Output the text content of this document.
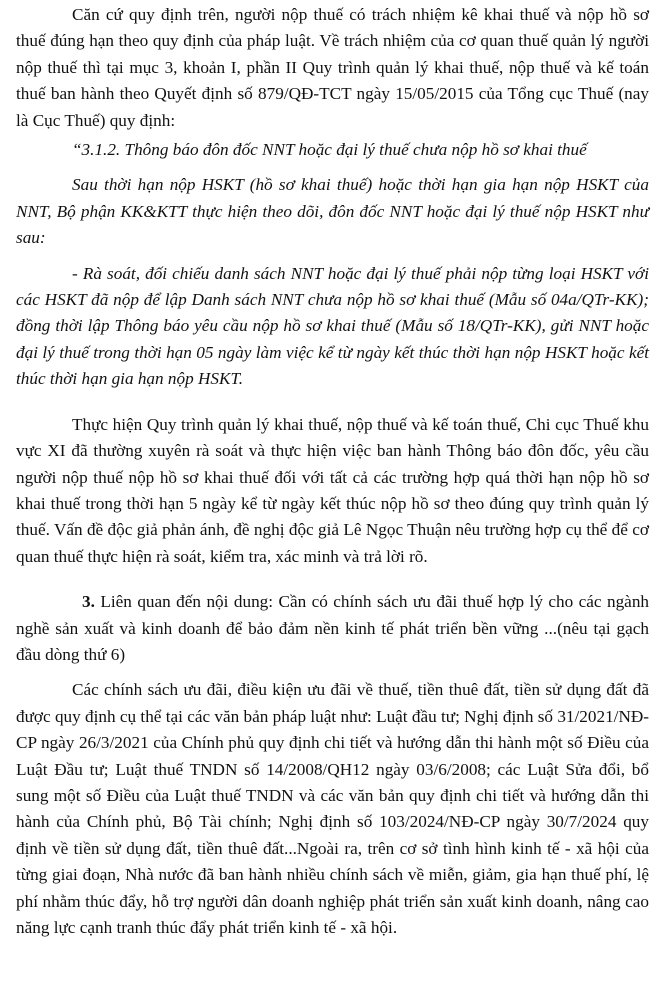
Căn cứ quy định trên, người nộp thuế có trách nhiệm kê khai thuế và nộp hồ sơ thuế đúng hạn theo quy định của pháp luật. Về trách nhiệm của cơ quan thuế quản lý người nộp thuế thì tại mục 3, khoản I, phần II Quy trình quản lý khai thuế, nộp thuế và kế toán thuế ban hành theo Quyết định số 879/QĐ-TCT ngày 15/05/2015 của Tổng cục Thuế (nay là Cục Thuế) quy định:

“3.1.2. Thông báo đôn đốc NNT hoặc đại lý thuế chưa nộp hồ sơ khai thuế

Sau thời hạn nộp HSKT (hồ sơ khai thuế) hoặc thời hạn gia hạn nộp HSKT của NNT, Bộ phận KK&KTT thực hiện theo dõi, đôn đốc NNT hoặc đại lý thuế nộp HSKT như sau:

- Rà soát, đối chiếu danh sách NNT hoặc đại lý thuế phải nộp từng loại HSKT với các HSKT đã nộp để lập Danh sách NNT chưa nộp hồ sơ khai thuế (Mẫu số 04a/QTr-KK); đồng thời lập Thông báo yêu cầu nộp hồ sơ khai thuế (Mẫu số 18/QTr-KK), gửi NNT hoặc đại lý thuế trong thời hạn 05 ngày làm việc kể từ ngày kết thúc thời hạn nộp HSKT hoặc kết thúc thời hạn gia hạn nộp HSKT.

Thực hiện Quy trình quản lý khai thuế, nộp thuế và kế toán thuế, Chi cục Thuế khu vực XI đã thường xuyên rà soát và thực hiện việc ban hành Thông báo đôn đốc, yêu cầu người nộp thuế nộp hồ sơ khai thuế đối với tất cả các trường hợp quá thời hạn nộp hồ sơ khai thuế trong thời hạn 5 ngày kể từ ngày kết thúc nộp hồ sơ theo đúng quy trình quản lý thuế. Vấn đề độc giả phản ánh, đề nghị độc giả Lê Ngọc Thuận nêu trường hợp cụ thể để cơ quan thuế thực hiện rà soát, kiểm tra, xác minh và trả lời rõ.

3. Liên quan đến nội dung: Cần có chính sách ưu đãi thuế hợp lý cho các ngành nghề sản xuất và kinh doanh để bảo đảm nền kinh tế phát triển bền vững ...(nêu tại gạch đầu dòng thứ 6)

Các chính sách ưu đãi, điều kiện ưu đãi về thuế, tiền thuê đất, tiền sử dụng đất đã được quy định cụ thể tại các văn bản pháp luật như: Luật đầu tư; Nghị định số 31/2021/NĐ-CP ngày 26/3/2021 của Chính phủ quy định chi tiết và hướng dẫn thi hành một số Điều của Luật Đầu tư; Luật thuế TNDN số 14/2008/QH12 ngày 03/6/2008; các Luật Sửa đổi, bổ sung một số Điều của Luật thuế TNDN và các văn bản quy định chi tiết và hướng dẫn thi hành của Chính phủ, Bộ Tài chính; Nghị định số 103/2024/NĐ-CP ngày 30/7/2024 quy định về tiền sử dụng đất, tiền thuê đất...Ngoài ra, trên cơ sở tình hình kinh tế - xã hội của từng giai đoạn, Nhà nước đã ban hành nhiều chính sách về miễn, giảm, gia hạn thuế phí, lệ phí nhằm thúc đẩy, hỗ trợ người dân doanh nghiệp phát triển sản xuất kinh doanh, nâng cao năng lực cạnh tranh thúc đẩy phát triển kinh tế - xã hội.
